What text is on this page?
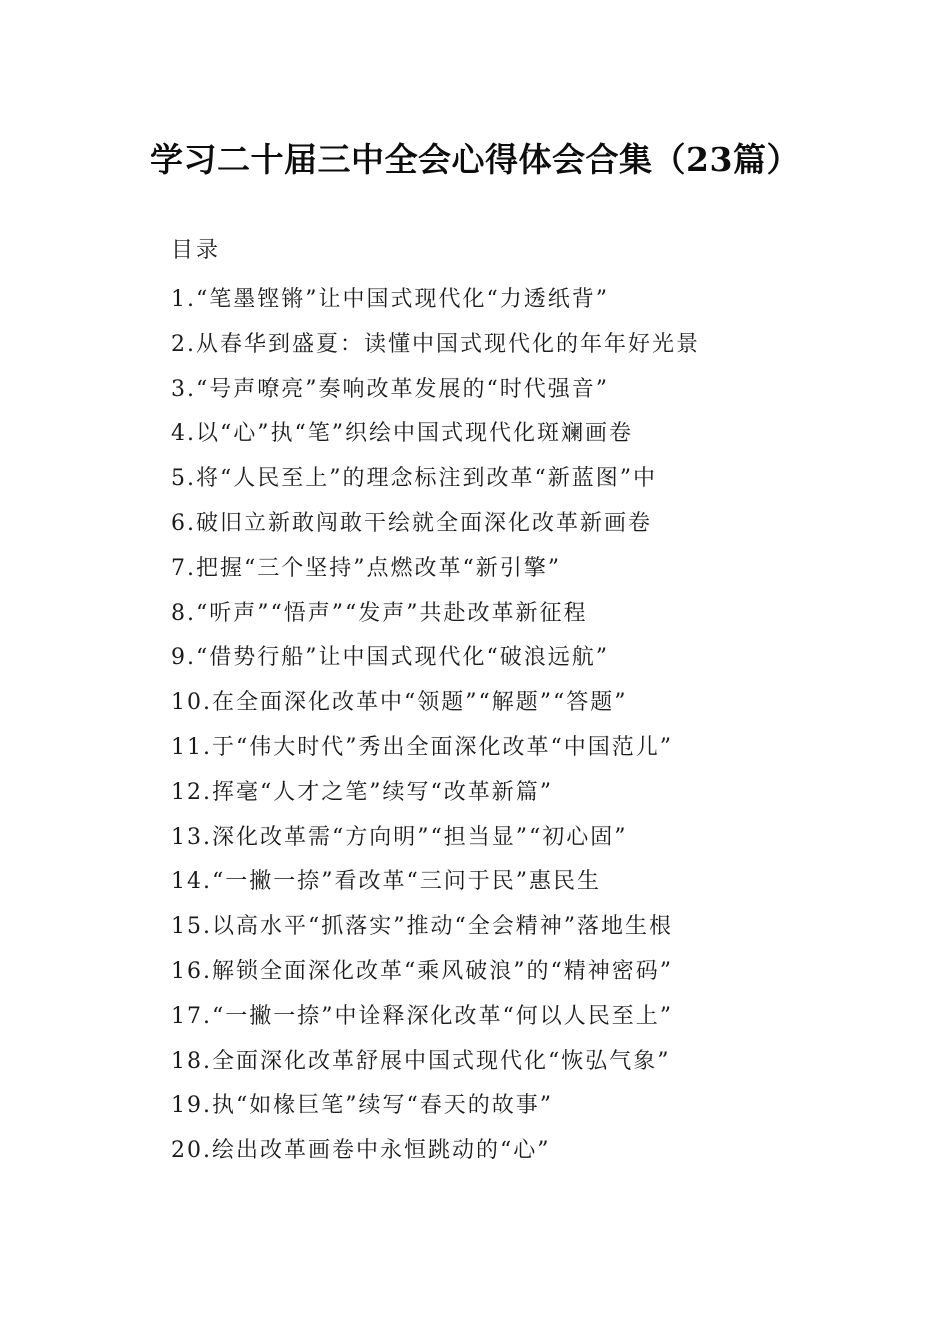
学习二十届三中全会心得体会合集（23篇）
目录
1.“笔墨铿锵”让中国式现代化“力透纸背”
2.从春华到盛夏：读懂中国式现代化的年年好光景
3.“号声嘹亮”奏响改革发展的“时代强音”
4.以“心”执“笔”织绘中国式现代化斑斓画卷
5.将“人民至上”的理念标注到改革“新蓝图”中
6.破旧立新敢闯敢干绘就全面深化改革新画卷
7.把握“三个坚持”点燃改革“新引擎”
8.“听声”“悟声”“发声”共赴改革新征程
9.“借势行船”让中国式现代化“破浪远航”
10.在全面深化改革中“领题”“解题”“答题”
11.于“伟大时代”秀出全面深化改革“中国范儿”
12.挥毫“人才之笔”续写“改革新篇”
13.深化改革需“方向明”“担当显”“初心固”
14.“一撇一捺”看改革“三问于民”惠民生
15.以高水平“抓落实”推动“全会精神”落地生根
16.解锁全面深化改革“乘风破浪”的“精神密码”
17.“一撇一捺”中诠释深化改革“何以人民至上”
18.全面深化改革舒展中国式现代化“恢弘气象”
19.执“如椽巨笔”续写“春天的故事”
20.绘出改革画卷中永恒跳动的“心”
